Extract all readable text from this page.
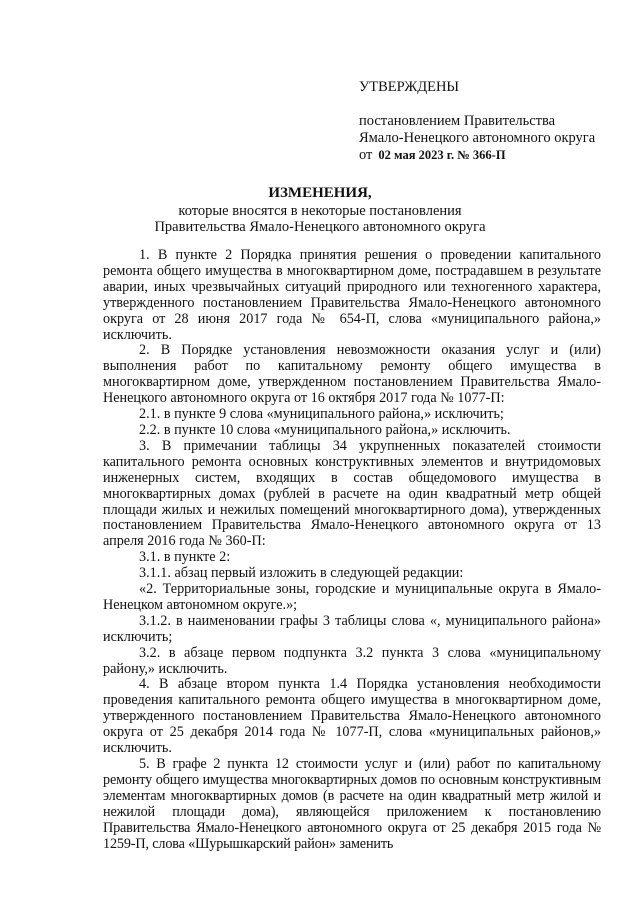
УТВЕРЖДЕНЫ
постановлением Правительства
Ямало-Ненецкого автономного округа
от 02 мая 2023 г. № 366-П
ИЗМЕНЕНИЯ,
которые вносятся в некоторые постановления
Правительства Ямало-Ненецкого автономного округа

1. В пункте 2 Порядка принятия решения о проведении капитального ремонта общего имущества в многоквартирном доме, пострадавшем в результате аварии, иных чрезвычайных ситуаций природного или техногенного характера, утвержденного постановлением Правительства Ямало-Ненецкого автономного округа от 28 июня 2017 года № 654-П, слова «муниципального района,» исключить.

2. В Порядке установления невозможности оказания услуг и (или) выполнения работ по капитальному ремонту общего имущества в многоквартирном доме, утвержденном постановлением Правительства Ямало-Ненецкого автономного округа от 16 октября 2017 года № 1077-П:

2.1. в пункте 9 слова «муниципального района,» исключить;

2.2. в пункте 10 слова «муниципального района,» исключить.

3. В примечании таблицы 34 укрупненных показателей стоимости капитального ремонта основных конструктивных элементов и внутридомовых инженерных систем, входящих в состав общедомового имущества в многоквартирных домах (рублей в расчете на один квадратный метр общей площади жилых и нежилых помещений многоквартирного дома), утвержденных постановлением Правительства Ямало-Ненецкого автономного округа от 13 апреля 2016 года № 360-П:

3.1. в пункте 2:

3.1.1. абзац первый изложить в следующей редакции:

«2. Территориальные зоны, городские и муниципальные округа в Ямало-Ненецком автономном округе.»;

3.1.2. в наименовании графы 3 таблицы слова «, муниципального района» исключить;

3.2. в абзаце первом подпункта 3.2 пункта 3 слова «муниципальному району,» исключить.

4. В абзаце втором пункта 1.4 Порядка установления необходимости проведения капитального ремонта общего имущества в многоквартирном доме, утвержденного постановлением Правительства Ямало-Ненецкого автономного округа от 25 декабря 2014 года № 1077-П, слова «муниципальных районов,» исключить.

5. В графе 2 пункта 12 стоимости услуг и (или) работ по капитальному ремонту общего имущества многоквартирных домов по основным конструктивным элементам многоквартирных домов (в расчете на один квадратный метр жилой и нежилой площади дома), являющейся приложением к постановлению Правительства Ямало-Ненецкого автономного округа от 25 декабря 2015 года № 1259-П, слова «Шурышкарский район» заменить
